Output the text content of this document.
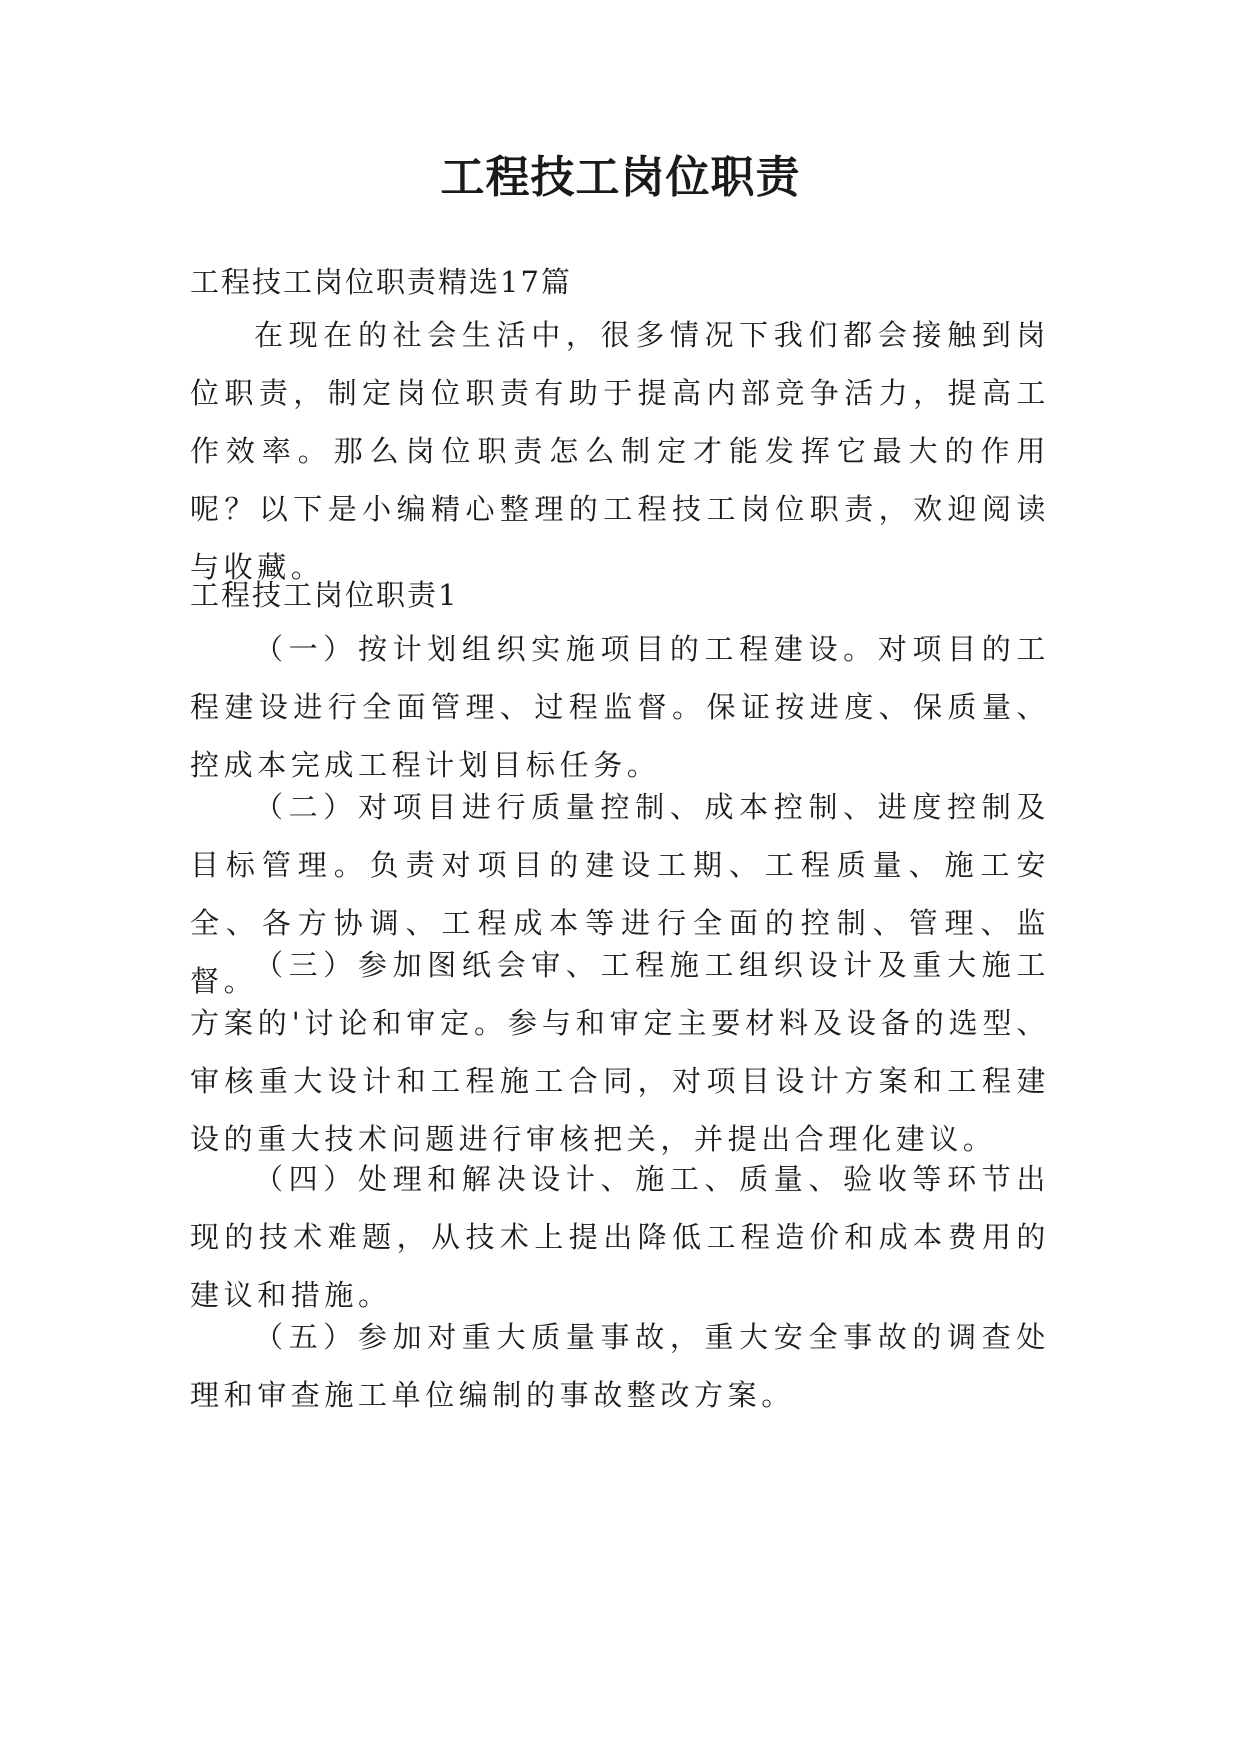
工程技工岗位职责

工程技工岗位职责精选17篇

在现在的社会生活中，很多情况下我们都会接触到岗位职责，制定岗位职责有助于提高内部竞争活力，提高工作效率。那么岗位职责怎么制定才能发挥它最大的作用呢？以下是小编精心整理的工程技工岗位职责，欢迎阅读与收藏。

工程技工岗位职责1

（一）按计划组织实施项目的工程建设。对项目的工程建设进行全面管理、过程监督。保证按进度、保质量、控成本完成工程计划目标任务。

（二）对项目进行质量控制、成本控制、进度控制及目标管理。负责对项目的建设工期、工程质量、施工安全、各方协调、工程成本等进行全面的控制、管理、监督。

（三）参加图纸会审、工程施工组织设计及重大施工方案的'讨论和审定。参与和审定主要材料及设备的选型、审核重大设计和工程施工合同，对项目设计方案和工程建设的重大技术问题进行审核把关，并提出合理化建议。

（四）处理和解决设计、施工、质量、验收等环节出现的技术难题，从技术上提出降低工程造价和成本费用的建议和措施。

（五）参加对重大质量事故，重大安全事故的调查处理和审查施工单位编制的事故整改方案。
